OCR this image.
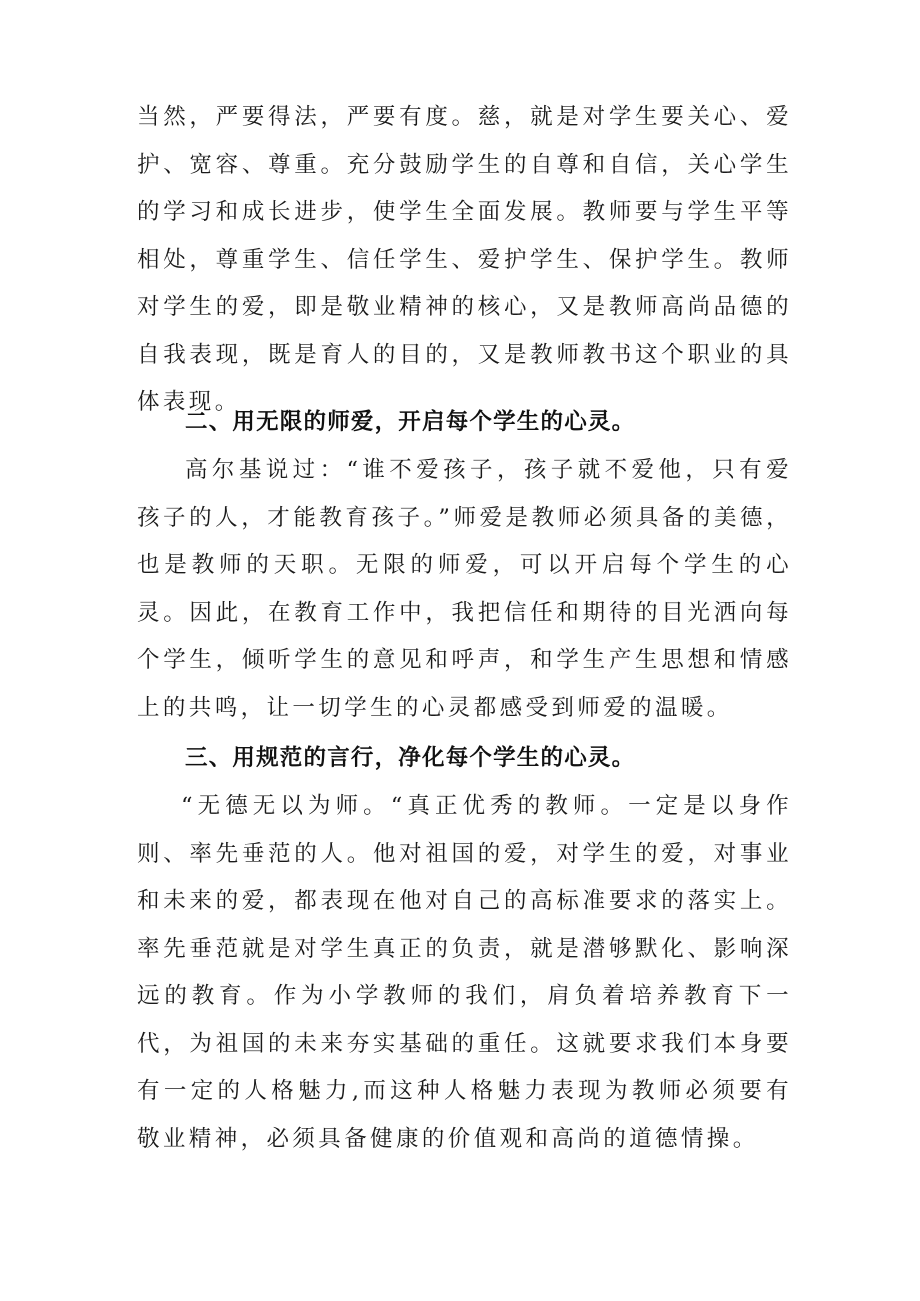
当然，严要得法，严要有度。慈，就是对学生要关心、爱护、宽容、尊重。充分鼓励学生的自尊和自信，关心学生的学习和成长进步，使学生全面发展。教师要与学生平等相处，尊重学生、信任学生、爱护学生、保护学生。教师对学生的爱，即是敬业精神的核心，又是教师高尚品德的自我表现，既是育人的目的，又是教师教书这个职业的具体表现。

二、用无限的师爱，开启每个学生的心灵。

高尔基说过：“谁不爱孩子，孩子就不爱他，只有爱孩子的人，才能教育孩子。”师爱是教师必须具备的美德，也是教师的天职。无限的师爱，可以开启每个学生的心灵。因此，在教育工作中，我把信任和期待的目光洒向每个学生，倾听学生的意见和呼声，和学生产生思想和情感上的共鸣，让一切学生的心灵都感受到师爱的温暖。

三、用规范的言行，净化每个学生的心灵。

“无德无以为师。“真正优秀的教师。一定是以身作则、率先垂范的人。他对祖国的爱，对学生的爱，对事业和未来的爱，都表现在他对自己的高标准要求的落实上。率先垂范就是对学生真正的负责，就是潜够默化、影响深远的教育。作为小学教师的我们，肩负着培养教育下一代，为祖国的未来夯实基础的重任。这就要求我们本身要有一定的人格魅力,而这种人格魅力表现为教师必须要有敬业精神，必须具备健康的价值观和高尚的道德情操。
